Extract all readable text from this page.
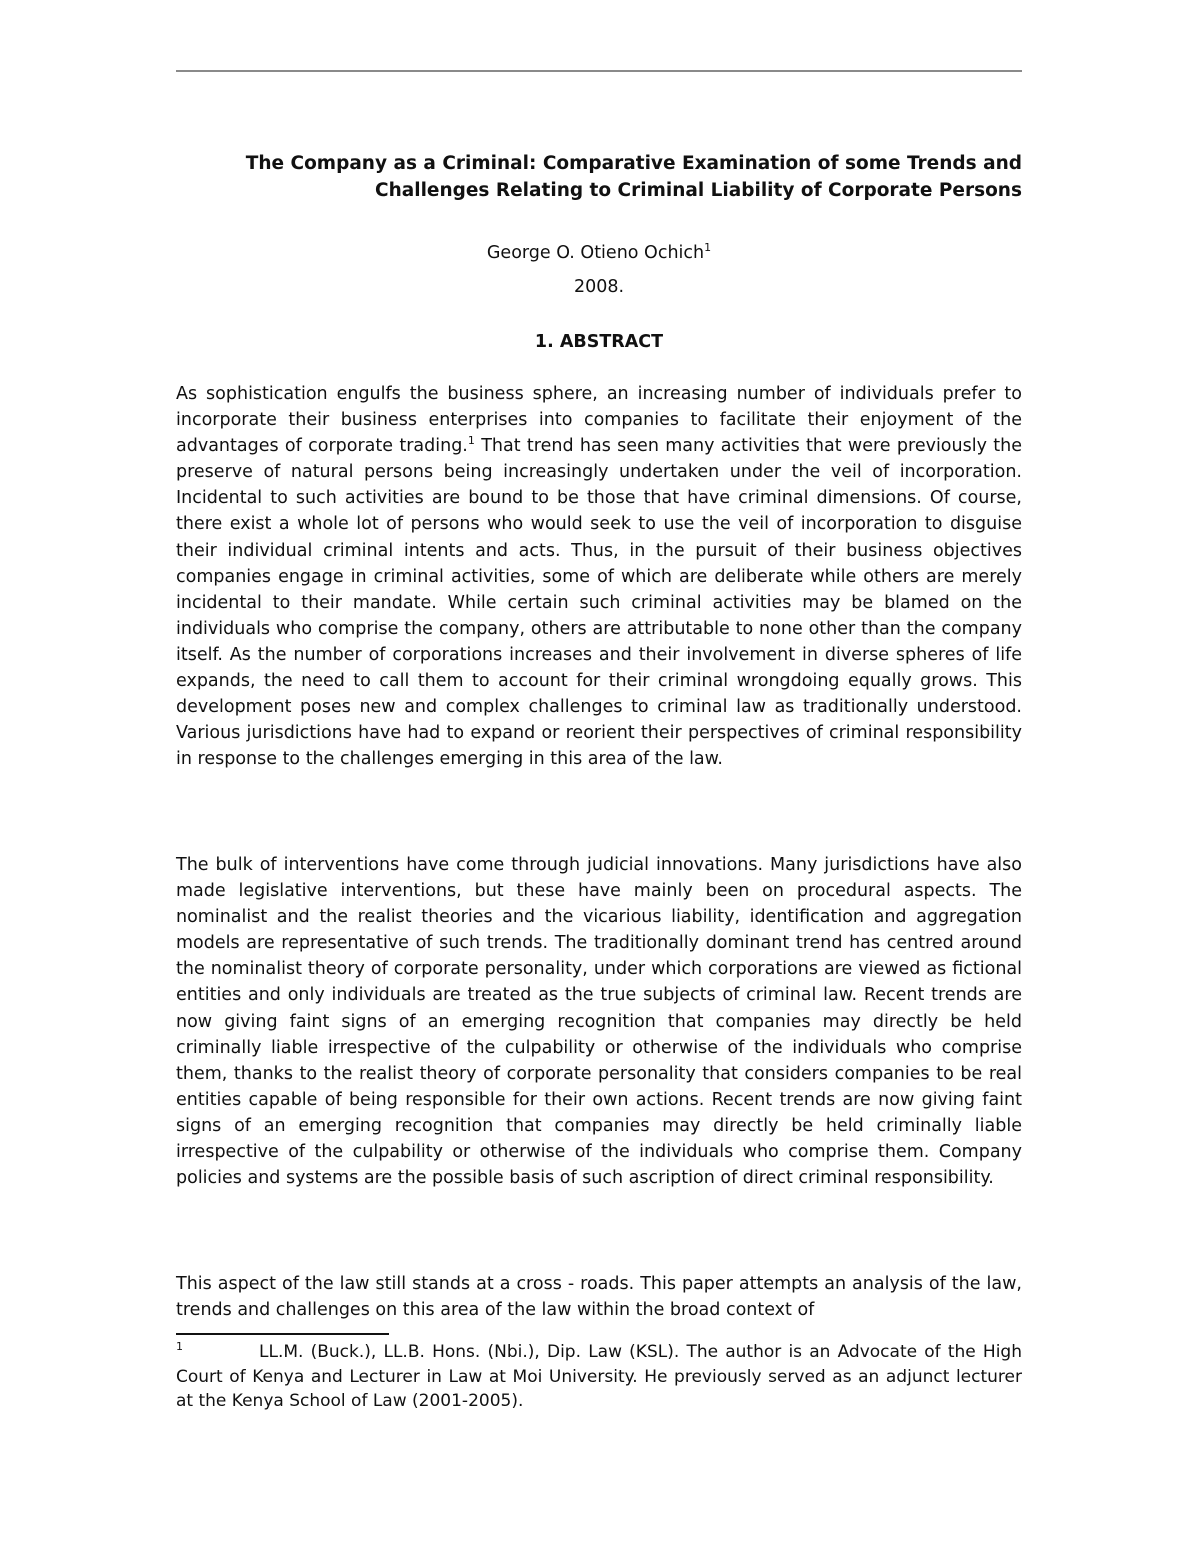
The Company as a Criminal: Comparative Examination of some Trends and Challenges Relating to Criminal Liability of Corporate Persons

George O. Otieno Ochich$^1$

2008.

1. ABSTRACT

As sophistication engulfs the business sphere, an increasing number of individuals prefer to incorporate their business enterprises into companies to facilitate their enjoyment of the advantages of corporate trading.$^1$ That trend has seen many activities that were previously the preserve of natural persons being increasingly undertaken under the veil of incorporation. Incidental to such activities are bound to be those that have criminal dimensions. Of course, there exist a whole lot of persons who would seek to use the veil of incorporation to disguise their individual criminal intents and acts. Thus, in the pursuit of their business objectives companies engage in criminal activities, some of which are deliberate while others are merely incidental to their mandate. While certain such criminal activities may be blamed on the individuals who comprise the company, others are attributable to none other than the company itself. As the number of corporations increases and their involvement in diverse spheres of life expands, the need to call them to account for their criminal wrongdoing equally grows. This development poses new and complex challenges to criminal law as traditionally understood. Various jurisdictions have had to expand or reorient their perspectives of criminal responsibility in response to the challenges emerging in this area of the law.

The bulk of interventions have come through judicial innovations. Many jurisdictions have also made legislative interventions, but these have mainly been on procedural aspects. The nominalist and the realist theories and the vicarious liability, identification and aggregation models are representative of such trends. The traditionally dominant trend has centred around the nominalist theory of corporate personality, under which corporations are viewed as fictional entities and only individuals are treated as the true subjects of criminal law. Recent trends are now giving faint signs of an emerging recognition that companies may directly be held criminally liable irrespective of the culpability or otherwise of the individuals who comprise them, thanks to the realist theory of corporate personality that considers companies to be real entities capable of being responsible for their own actions. Recent trends are now giving faint signs of an emerging recognition that companies may directly be held criminally liable irrespective of the culpability or otherwise of the individuals who comprise them. Company policies and systems are the possible basis of such ascription of direct criminal responsibility.

This aspect of the law still stands at a cross - roads. This paper attempts an analysis of the law, trends and challenges on this area of the law within the broad context of

1	LL.M. (Buck.), LL.B. Hons. (Nbi.), Dip. Law (KSL). The author is an Advocate of the High Court of Kenya and Lecturer in Law at Moi University. He previously served as an adjunct lecturer at the Kenya School of Law (2001-2005).
